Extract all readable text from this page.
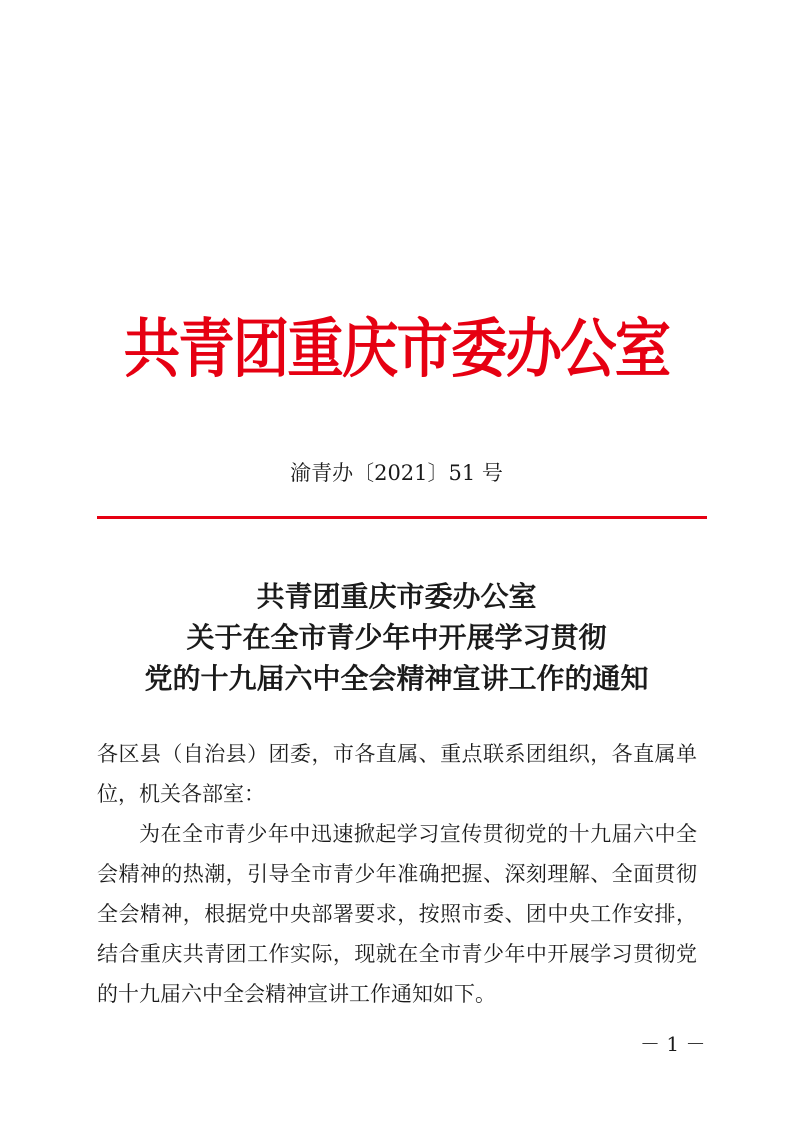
共青团重庆市委办公室
渝青办〔2021〕51 号
共青团重庆市委办公室
关于在全市青少年中开展学习贯彻
党的十九届六中全会精神宣讲工作的通知

各区县（自治县）团委，市各直属、重点联系团组织，各直属单位，机关各部室：

为在全市青少年中迅速掀起学习宣传贯彻党的十九届六中全会精神的热潮，引导全市青少年准确把握、深刻理解、全面贯彻全会精神，根据党中央部署要求，按照市委、团中央工作安排，结合重庆共青团工作实际，现就在全市青少年中开展学习贯彻党的十九届六中全会精神宣讲工作通知如下。

－ 1 －
